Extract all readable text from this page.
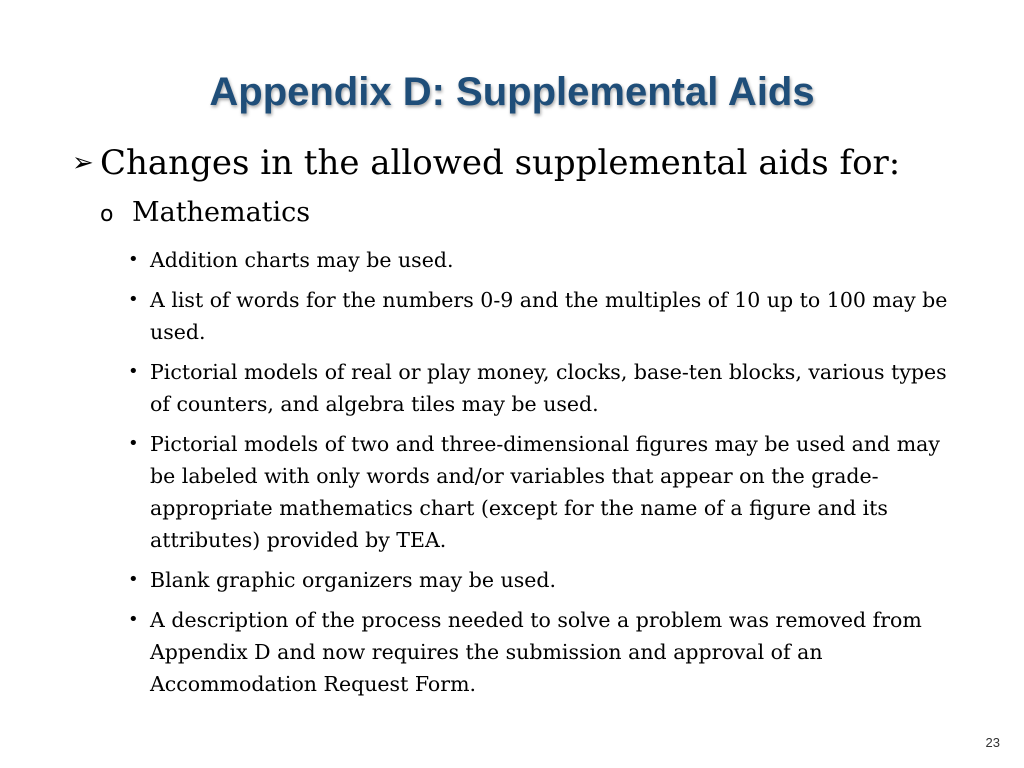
Appendix D: Supplemental Aids
➢ Changes in the allowed supplemental aids for:
o Mathematics
• Addition charts may be used.
• A list of words for the numbers 0-9 and the multiples of 10 up to 100 may be used.
• Pictorial models of real or play money, clocks, base-ten blocks, various types of counters, and algebra tiles may be used.
• Pictorial models of two and three-dimensional figures may be used and may be labeled with only words and/or variables that appear on the grade-appropriate mathematics chart (except for the name of a figure and its attributes) provided by TEA.
• Blank graphic organizers may be used.
• A description of the process needed to solve a problem was removed from Appendix D and now requires the submission and approval of an Accommodation Request Form.
23
